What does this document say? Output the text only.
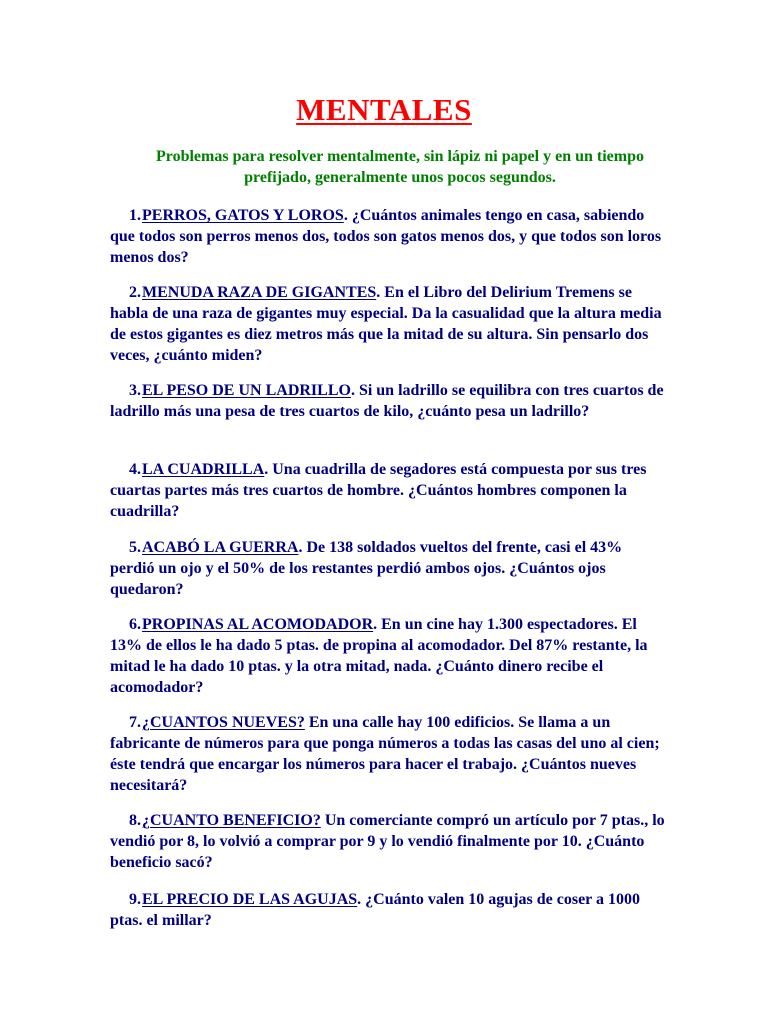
MENTALES
Problemas para resolver mentalmente, sin lápiz ni papel y en un tiempo prefijado, generalmente unos pocos segundos.
1.PERROS, GATOS Y LOROS. ¿Cuántos animales tengo en casa, sabiendo que todos son perros menos dos, todos son gatos menos dos, y que todos son loros menos dos?
2.MENUDA RAZA DE GIGANTES. En el Libro del Delirium Tremens se habla de una raza de gigantes muy especial. Da la casualidad que la altura media de estos gigantes es diez metros más que la mitad de su altura. Sin pensarlo dos veces, ¿cuánto miden?
3.EL PESO DE UN LADRILLO. Si un ladrillo se equilibra con tres cuartos de ladrillo más una pesa de tres cuartos de kilo, ¿cuánto pesa un ladrillo?
4.LA CUADRILLA. Una cuadrilla de segadores está compuesta por sus tres cuartas partes más tres cuartos de hombre. ¿Cuántos hombres componen la cuadrilla?
5.ACABÓ LA GUERRA. De 138 soldados vueltos del frente, casi el 43% perdió un ojo y el 50% de los restantes perdió ambos ojos. ¿Cuántos ojos quedaron?
6.PROPINAS AL ACOMODADOR. En un cine hay 1.300 espectadores. El 13% de ellos le ha dado 5 ptas. de propina al acomodador. Del 87% restante, la mitad le ha dado 10 ptas. y la otra mitad, nada. ¿Cuánto dinero recibe el acomodador?
7.¿CUANTOS NUEVES? En una calle hay 100 edificios. Se llama a un fabricante de números para que ponga números a todas las casas del uno al cien; éste tendrá que encargar los números para hacer el trabajo. ¿Cuántos nueves necesitará?
8.¿CUANTO BENEFICIO? Un comerciante compró un artículo por 7 ptas., lo vendió por 8, lo volvió a comprar por 9 y lo vendió finalmente por 10. ¿Cuánto beneficio sacó?
9.EL PRECIO DE LAS AGUJAS. ¿Cuánto valen 10 agujas de coser a 1000 ptas. el millar?
